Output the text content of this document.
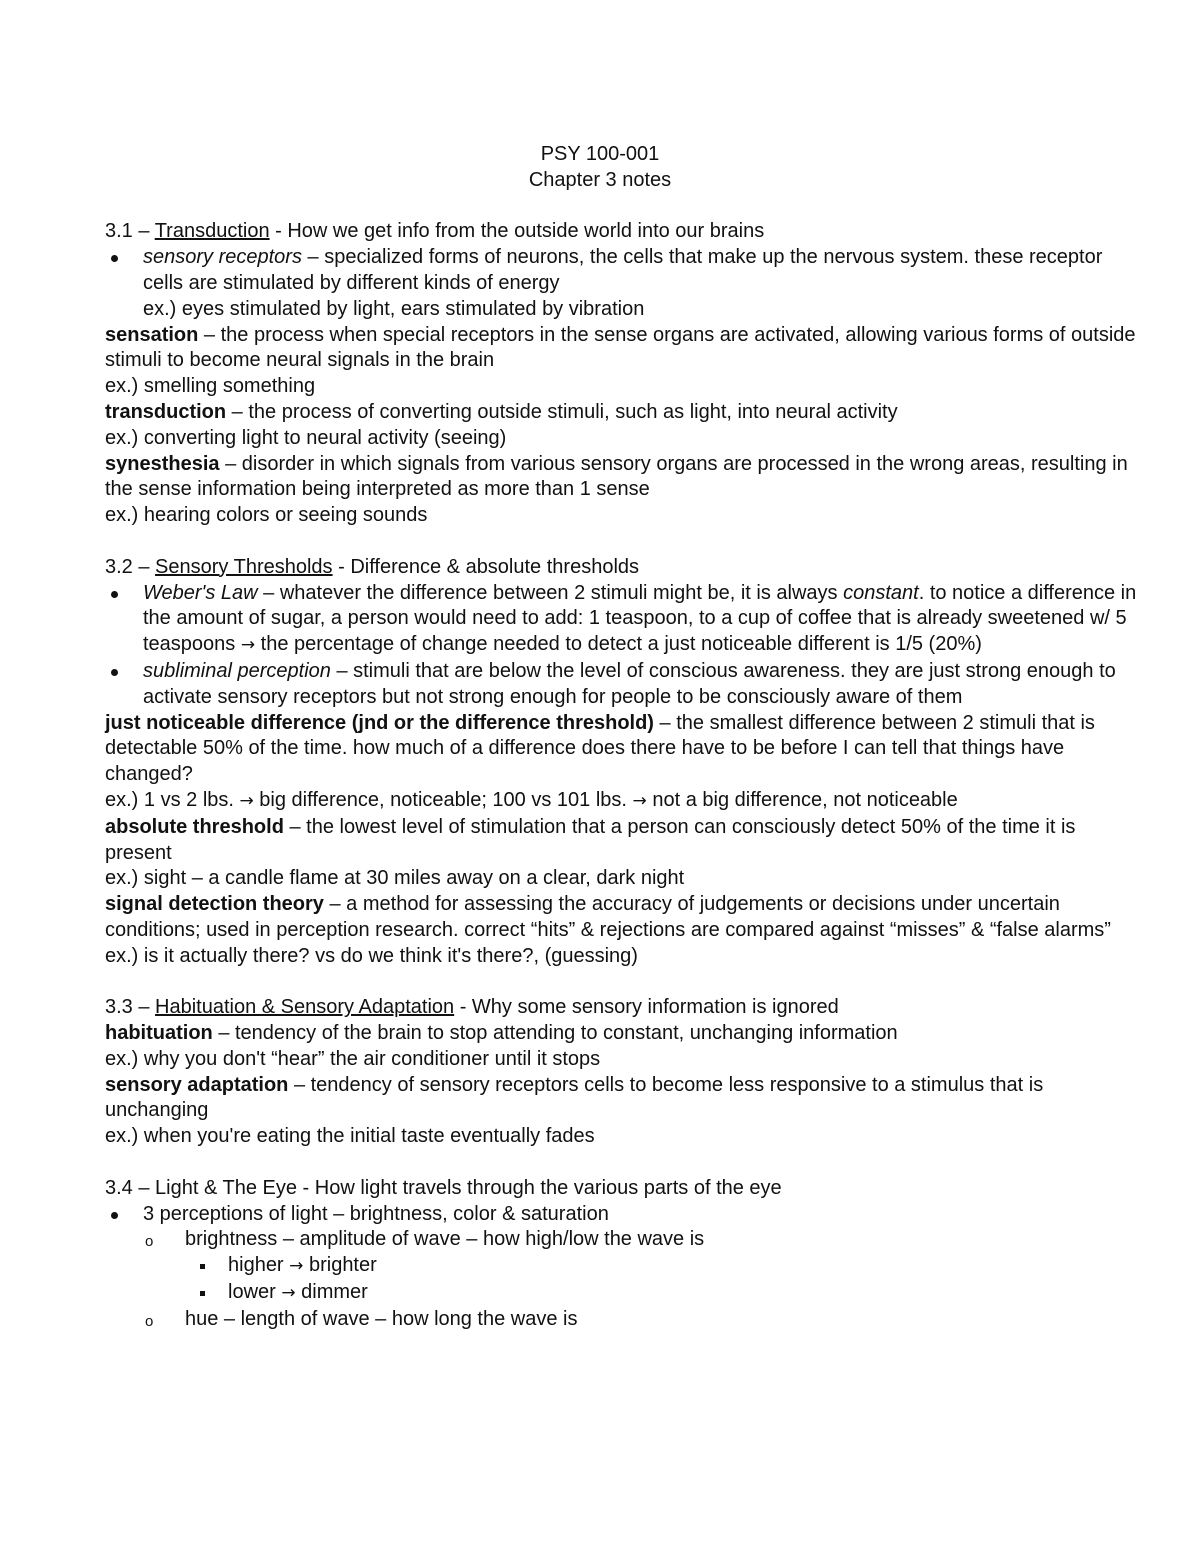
PSY 100-001
Chapter 3 notes
3.1 – Transduction - How we get info from the outside world into our brains
sensory receptors – specialized forms of neurons, the cells that make up the nervous system. these receptor cells are stimulated by different kinds of energy
ex.) eyes stimulated by light, ears stimulated by vibration
sensation – the process when special receptors in the sense organs are activated, allowing various forms of outside stimuli to become neural signals in the brain
ex.) smelling something
transduction – the process of converting outside stimuli, such as light, into neural activity
ex.) converting light to neural activity (seeing)
synesthesia – disorder in which signals from various sensory organs are processed in the wrong areas, resulting in the sense information being interpreted as more than 1 sense
ex.) hearing colors or seeing sounds
3.2 – Sensory Thresholds - Difference & absolute thresholds
Weber's Law – whatever the difference between 2 stimuli might be, it is always constant. to notice a difference in the amount of sugar, a person would need to add: 1 teaspoon, to a cup of coffee that is already sweetened w/ 5 teaspoons → the percentage of change needed to detect a just noticeable different is 1/5 (20%)
subliminal perception – stimuli that are below the level of conscious awareness. they are just strong enough to activate sensory receptors but not strong enough for people to be consciously aware of them
just noticeable difference (jnd or the difference threshold) – the smallest difference between 2 stimuli that is detectable 50% of the time. how much of a difference does there have to be before I can tell that things have changed?
ex.) 1 vs 2 lbs. → big difference, noticeable; 100 vs 101 lbs. → not a big difference, not noticeable
absolute threshold – the lowest level of stimulation that a person can consciously detect 50% of the time it is present
ex.) sight – a candle flame at 30 miles away on a clear, dark night
signal detection theory – a method for assessing the accuracy of judgements or decisions under uncertain conditions; used in perception research. correct “hits” & rejections are compared against “misses” & “false alarms”
ex.) is it actually there? vs do we think it's there?, (guessing)
3.3 – Habituation & Sensory Adaptation - Why some sensory information is ignored
habituation – tendency of the brain to stop attending to constant, unchanging information
ex.) why you don't “hear” the air conditioner until it stops
sensory adaptation – tendency of sensory receptors cells to become less responsive to a stimulus that is unchanging
ex.) when you're eating the initial taste eventually fades
3.4 – Light & The Eye - How light travels through the various parts of the eye
3 perceptions of light – brightness, color & saturation
o brightness – amplitude of wave – how high/low the wave is
higher → brighter
lower → dimmer
o hue – length of wave – how long the wave is
